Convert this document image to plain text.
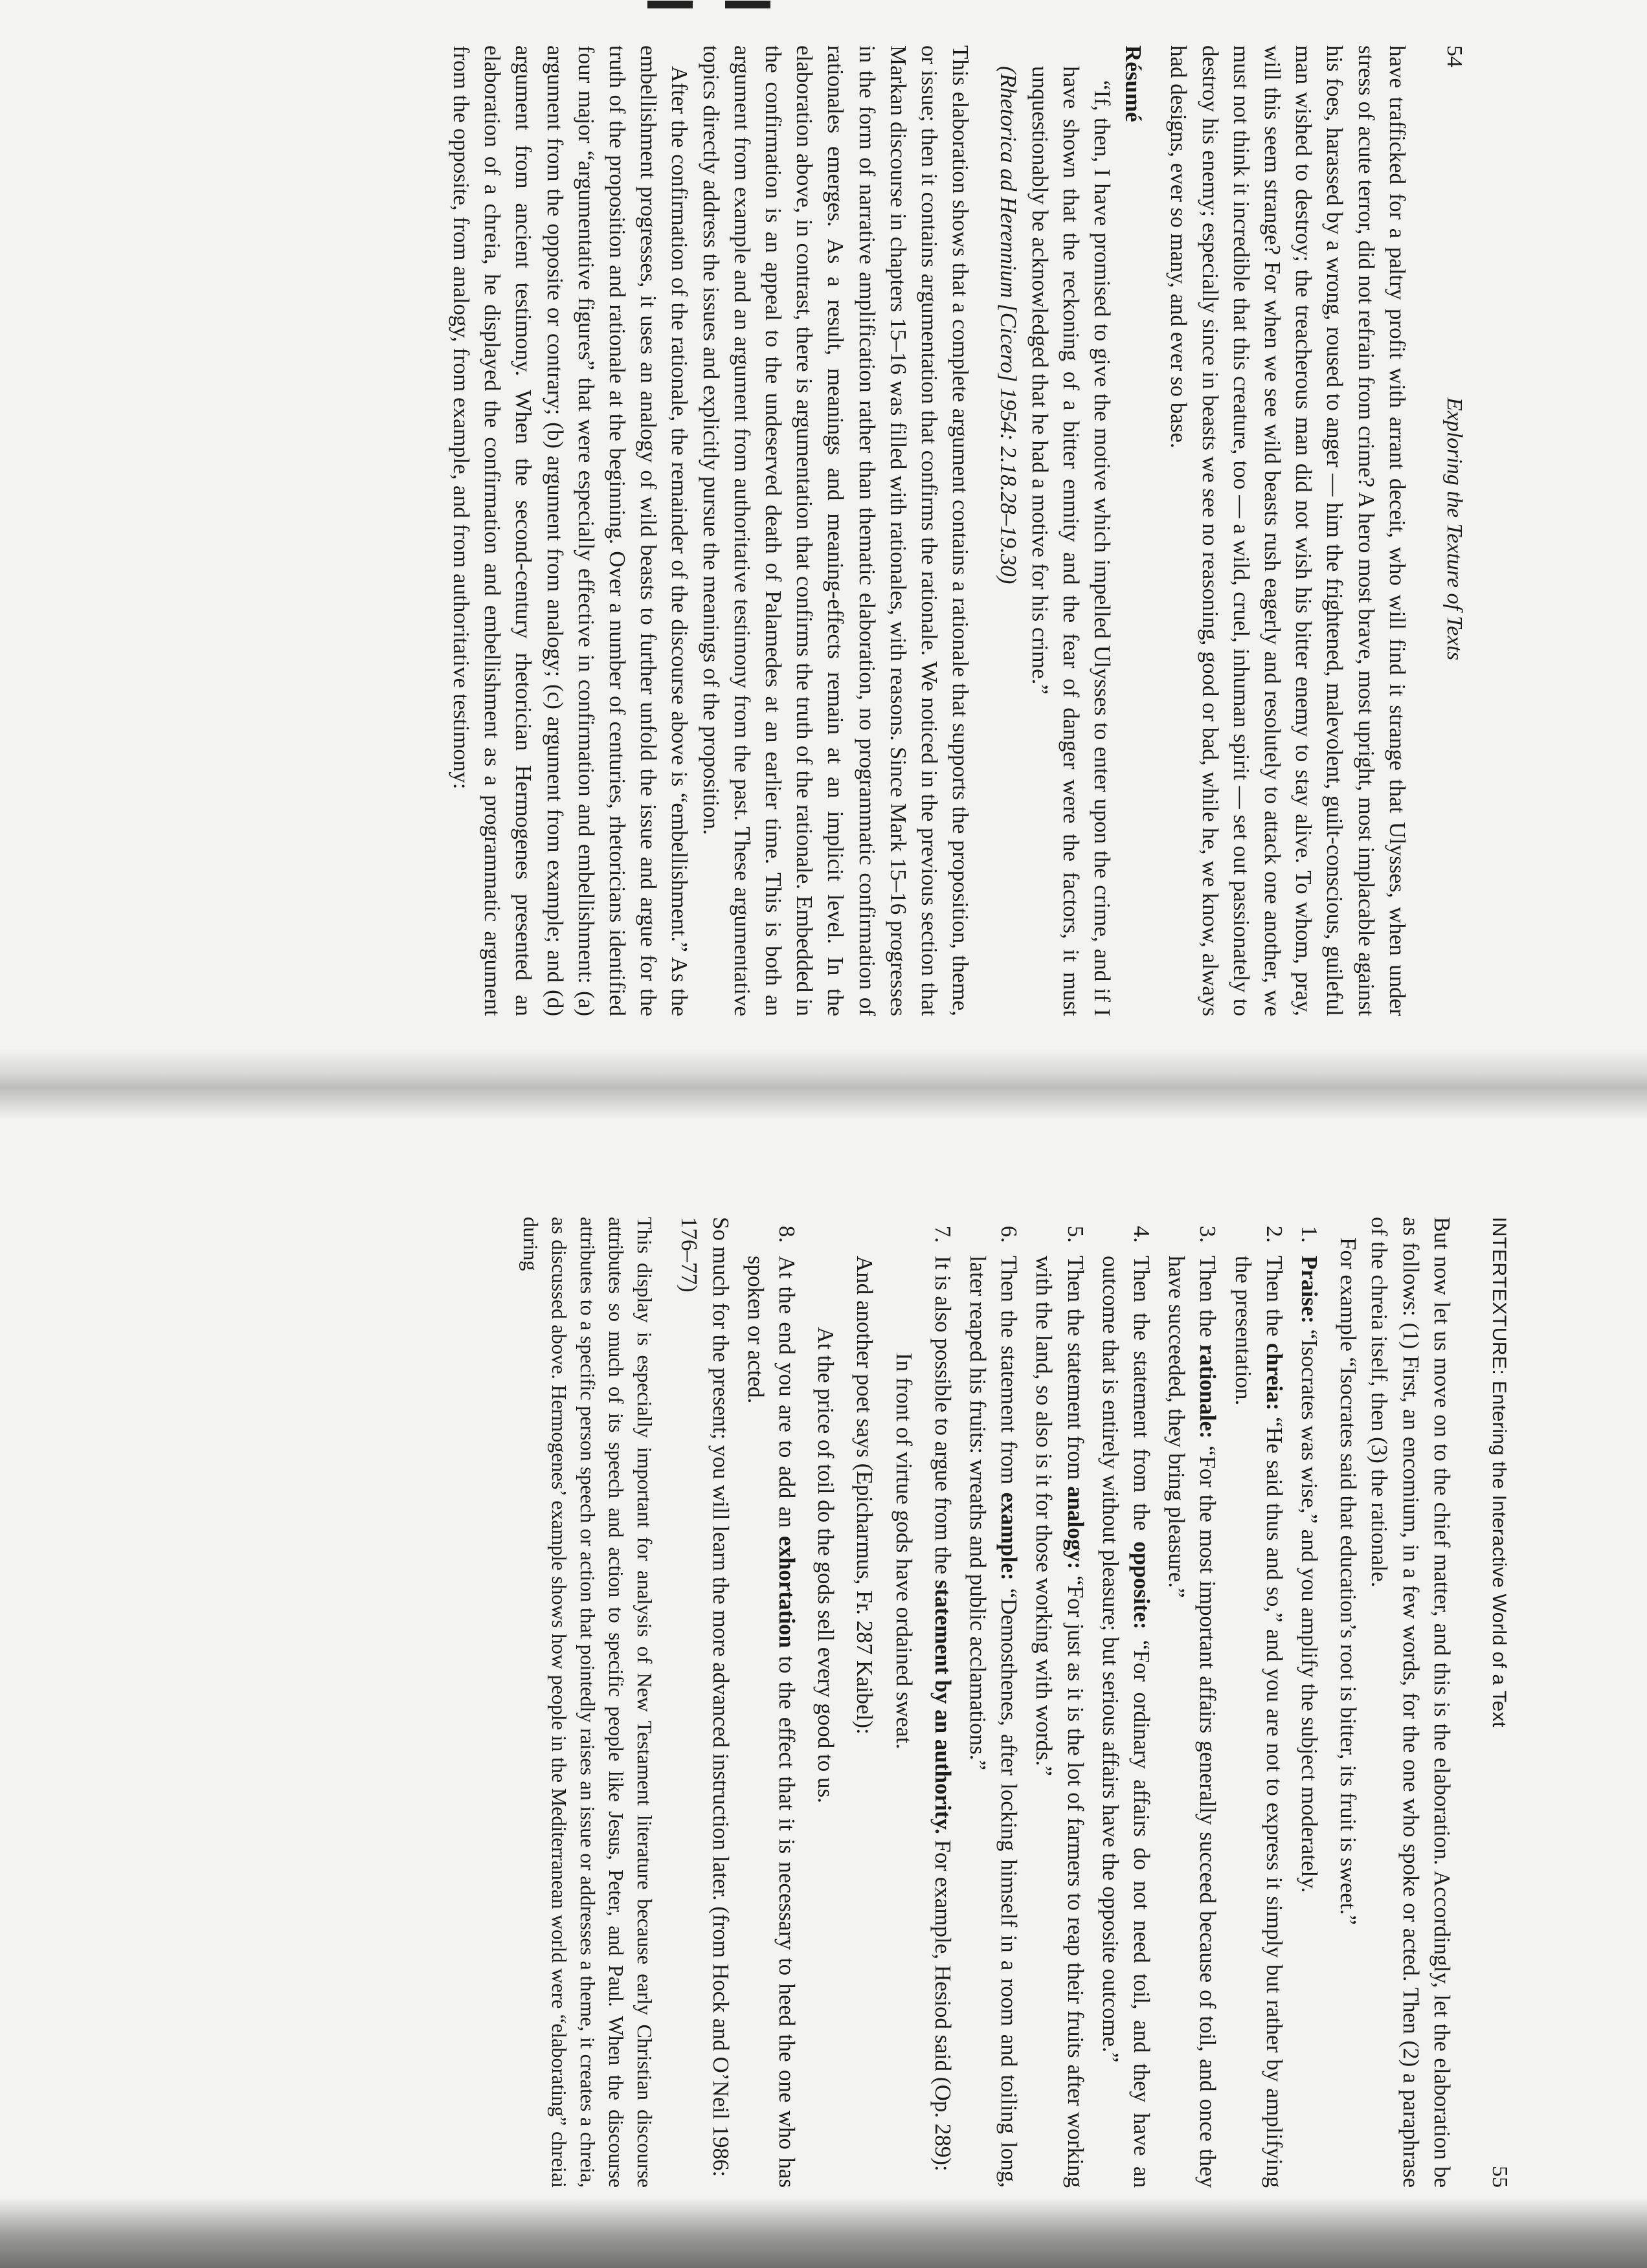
54
Exploring the Texture of Texts

have trafficked for a paltry profit with arrant deceit, who will find it strange that Ulysses, when under stress of acute terror, did not refrain from crime? A hero most brave, most upright, most implacable against his foes, harassed by a wrong, roused to anger — him the frightened, malevolent, guilt-conscious, guileful man wished to destroy; the treacherous man did not wish his bitter enemy to stay alive. To whom, pray, will this seem strange? For when we see wild beasts rush eagerly and resolutely to attack one another, we must not think it incredible that this creature, too — a wild, cruel, inhuman spirit — set out passionately to destroy his enemy; especially since in beasts we see no reasoning, good or bad, while he, we know, always had designs, ever so many, and ever so base.

Résumé

“If, then, I have promised to give the motive which impelled Ulysses to enter upon the crime, and if I have shown that the reckoning of a bitter enmity and the fear of danger were the factors, it must unquestionably be acknowledged that he had a motive for his crime.”

(Rhetorica ad Herennium [Cicero] 1954: 2.18.28–19.30)

This elaboration shows that a complete argument contains a rationale that supports the proposition, theme, or issue; then it contains argumentation that confirms the rationale. We noticed in the previous section that Markan discourse in chapters 15–16 was filled with rationales, with reasons. Since Mark 15–16 progresses in the form of narrative amplification rather than thematic elaboration, no programmatic confirmation of rationales emerges. As a result, meanings and meaning-effects remain at an implicit level. In the elaboration above, in contrast, there is argumentation that confirms the truth of the rationale. Embedded in the confirmation is an appeal to the undeserved death of Palamedes at an earlier time. This is both an argument from example and an argument from authoritative testimony from the past. These argumentative topics directly address the issues and explicitly pursue the meanings of the proposition.

After the confirmation of the rationale, the remainder of the discourse above is “embellishment.” As the embellishment progresses, it uses an analogy of wild beasts to further unfold the issue and argue for the truth of the proposition and rationale at the beginning. Over a number of centuries, rhetoricians identified four major “argumentative figures” that were especially effective in confirmation and embellishment: (a) argument from the opposite or contrary; (b) argument from analogy; (c) argument from example; and (d) argument from ancient testimony. When the second-century rhetorician Hermogenes presented an elaboration of a chreia, he displayed the confirmation and embellishment as a programmatic argument from the opposite, from analogy, from example, and from authoritative testimony:

INTERTEXTURE: Entering the Interactive World of a Text
55

But now let us move on to the chief matter, and this is the elaboration. Accordingly, let the elaboration be as follows: (1) First, an encomium, in a few words, for the one who spoke or acted. Then (2) a paraphrase of the chreia itself, then (3) the rationale.

For example “Isocrates said that education’s root is bitter, its fruit is sweet.”

1.
Praise: “Isocrates was wise,” and you amplify the subject moderately.
2.
Then the chreia: “He said thus and so,” and you are not to express it simply but rather by amplifying the presentation.
3.
Then the rationale: “For the most important affairs generally succeed because of toil, and once they have succeeded, they bring pleasure.”
4.
Then the statement from the opposite: “For ordinary affairs do not need toil, and they have an outcome that is entirely without pleasure; but serious affairs have the opposite outcome.”
5.
Then the statement from analogy: “For just as it is the lot of farmers to reap their fruits after working with the land, so also is it for those working with words.”
6.
Then the statement from example: “Demosthenes, after locking himself in a room and toiling long, later reaped his fruits: wreaths and public acclamations.”
7.
It is also possible to argue from the statement by an authority. For example, Hesiod said (Op. 289):

In front of virtue gods have ordained sweat.

And another poet says (Epicharmus, Fr. 287 Kaibel):

At the price of toil do the gods sell every good to us.

8.
At the end you are to add an exhortation to the effect that it is necessary to heed the one who has spoken or acted.

So much for the present; you will learn the more advanced instruction later. (from Hock and O’Neil 1986: 176–77)

This display is especially important for analysis of New Testament literature because early Christian discourse attributes so much of its speech and action to specific people like Jesus, Peter, and Paul. When the discourse attributes to a specific person speech or action that pointedly raises an issue or addresses a theme, it creates a chreia, as discussed above. Hermogenes’ example shows how people in the Mediterranean world were “elaborating” chreiai during
